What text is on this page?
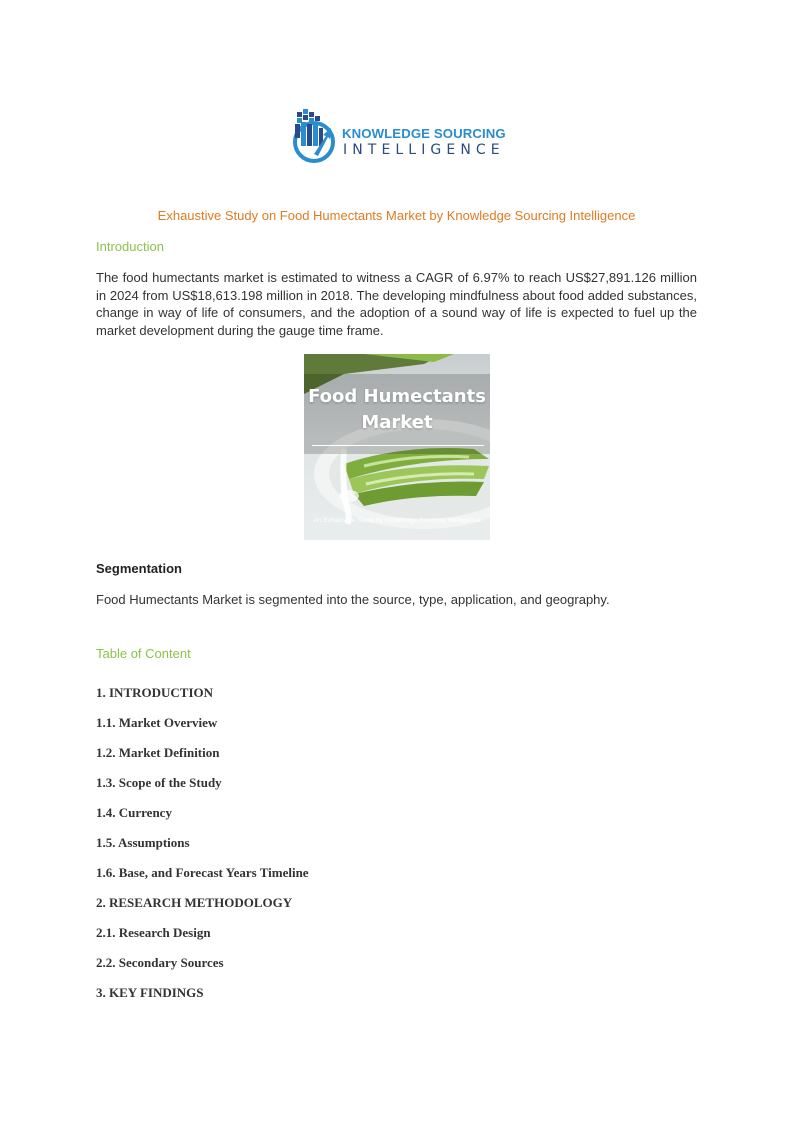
KNOWLEDGE SOURCING
INTELLIGENCE
Exhaustive Study on Food Humectants Market by Knowledge Sourcing Intelligence
Introduction
The food humectants market is estimated to witness a CAGR of 6.97% to reach US$27,891.126 million in 2024 from US$18,613.198 million in 2018. The developing mindfulness about food added substances, change in way of life of consumers, and the adoption of a sound way of life is expected to fuel up the market development during the gauge time frame.
Food Humectants
Market
An Exhaustive Study by Knowledge Sourcing Intelligence
Segmentation
Food Humectants Market is segmented into the source, type, application, and geography.
Table of Content
1. INTRODUCTION
1.1. Market Overview
1.2. Market Definition
1.3. Scope of the Study
1.4. Currency
1.5. Assumptions
1.6. Base, and Forecast Years Timeline
2. RESEARCH METHODOLOGY
2.1. Research Design
2.2. Secondary Sources
3. KEY FINDINGS
